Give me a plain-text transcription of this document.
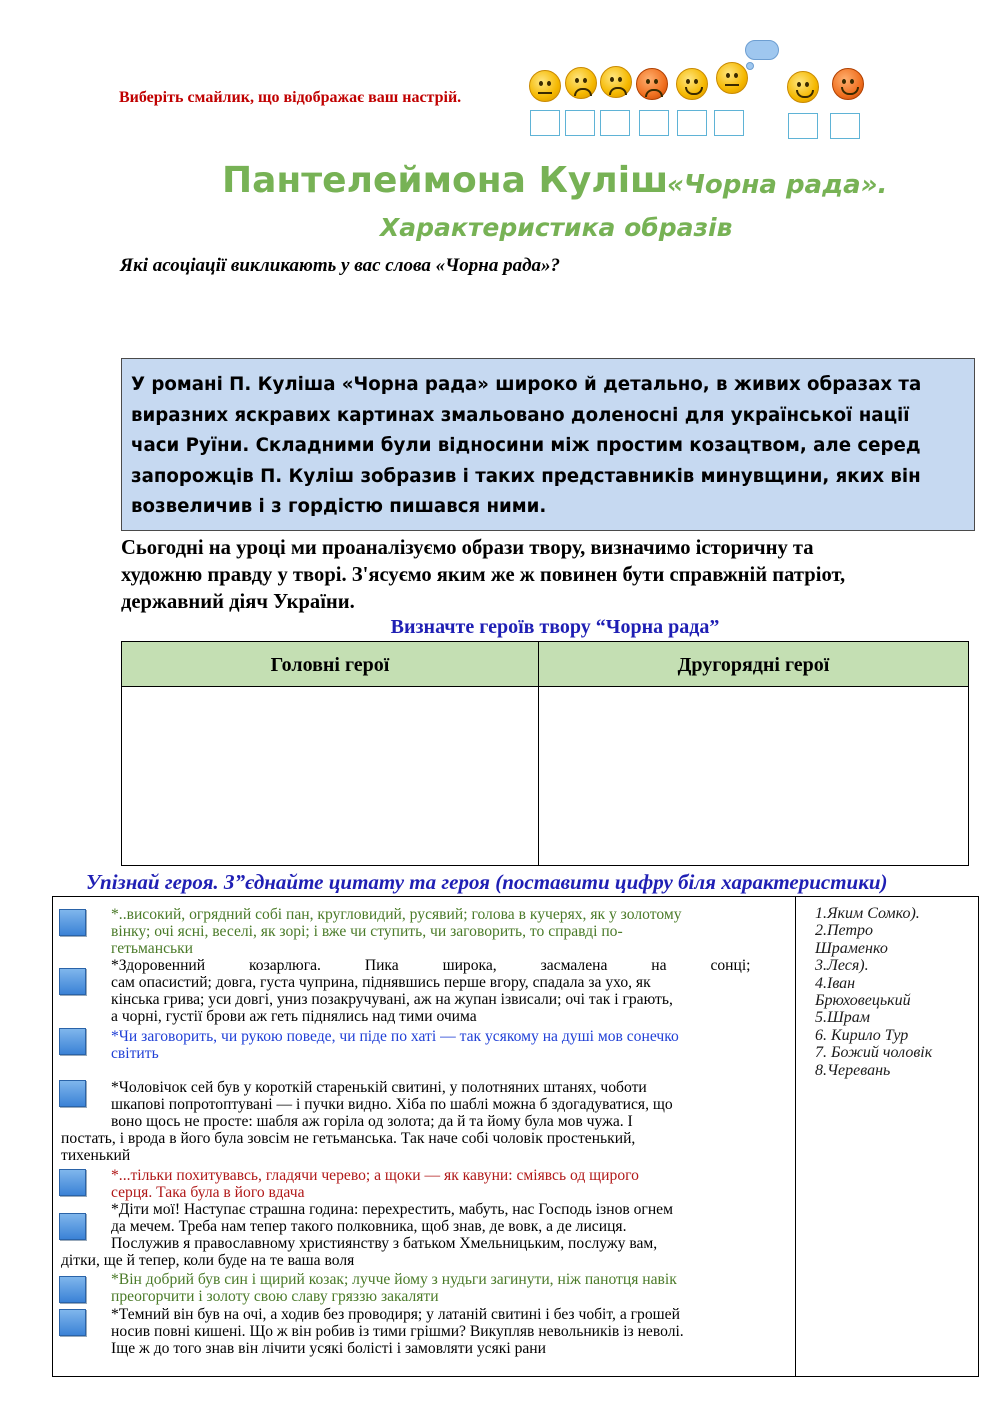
Виберіть смайлик, що відображає ваш настрій.
Пантелеймона Куліш
«Чорна рада».
Характеристика образів
Які асоціації викликають у вас слова «Чорна рада»?
У романі П. Куліша «Чорна рада» широко й детально, в живих образах та
виразних яскравих картинах змальовано доленосні для української нації
часи Руїни. Складними були відносини між простим козацтвом, але серед
запорожців П. Куліш зобразив і таких представників минувщини, яких він
возвеличив і з гордістю пишався ними.
Сьогодні на уроці ми проаналізуємо образи твору, визначимо історичну та
художню правду у творі. З'ясуємо яким же ж повинен бути справжній патріот,
державний діяч України.
Визначте героїв твору “Чорна рада”
Головні герої	Другорядні герої
Упізнай героя. З”єднайте цитату та героя (поставити цифру біля характеристики)
*..високий, огрядний собі пан, кругловидий, русявий; голова в кучерях, як у золотому
вінку; очі ясні, веселі, як зорі; і вже чи ступить, чи заговорить, то справді по-
гетьманськи
*Здоровенний козарлюга. Пика широка, засмалена на сонці;
сам опасистий; довга, густа чуприна, піднявшись перше вгору, спадала за ухо, як
кінська грива; уси довгі, униз позакручувані, аж на жупан ізвисали; очі так і грають,
а чорні, густії брови аж геть піднялись над тими очима
*Чи заговорить, чи рукою поведе, чи піде по хаті — так усякому на душі мов сонечко
світить
*Чоловічок сей був у короткій старенькій свитині, у полотняних штанях, чоботи
шкапові попротоптувані — і пучки видно. Хіба по шаблі можна б здогадуватися, що
воно щось не просте: шабля аж горіла од золота; да й та йому була мов чужа. І
постать, і врода в його була зовсім не гетьманська. Так наче собі чоловік простенький,
тихенький
*...тільки похитувавсь, гладячи черево; а щоки — як кавуни: сміявсь од щирого
серця. Така була в його вдача
*Діти мої! Наступає страшна година: перехрестить, мабуть, нас Господь ізнов огнем
да мечем. Треба нам тепер такого полковника, щоб знав, де вовк, а де лисиця.
Послужив я православному християнству з батьком Хмельницьким, послужу вам,
дітки, ще й тепер, коли буде на те ваша воля
*Він добрий був син і щирий козак; лучче йому з нудьги загинути, ніж панотця навік
преогорчити і золоту свою славу гряззю закаляти
*Темний він був на очі, а ходив без проводиря; у латаній свитині і без чобіт, а грошей
носив повні кишені. Що ж він робив із тими грішми? Викупляв невольників із неволі.
Іще ж до того знав він лічити усякі болісті і замовляти усякі рани
1.Яким Сомко).
2.Петро
Шраменко
3.Леся).
4.Іван
Брюховецький
5.Шрам
6. Кирило Тур
7. Божий чоловік
8.Черевань
